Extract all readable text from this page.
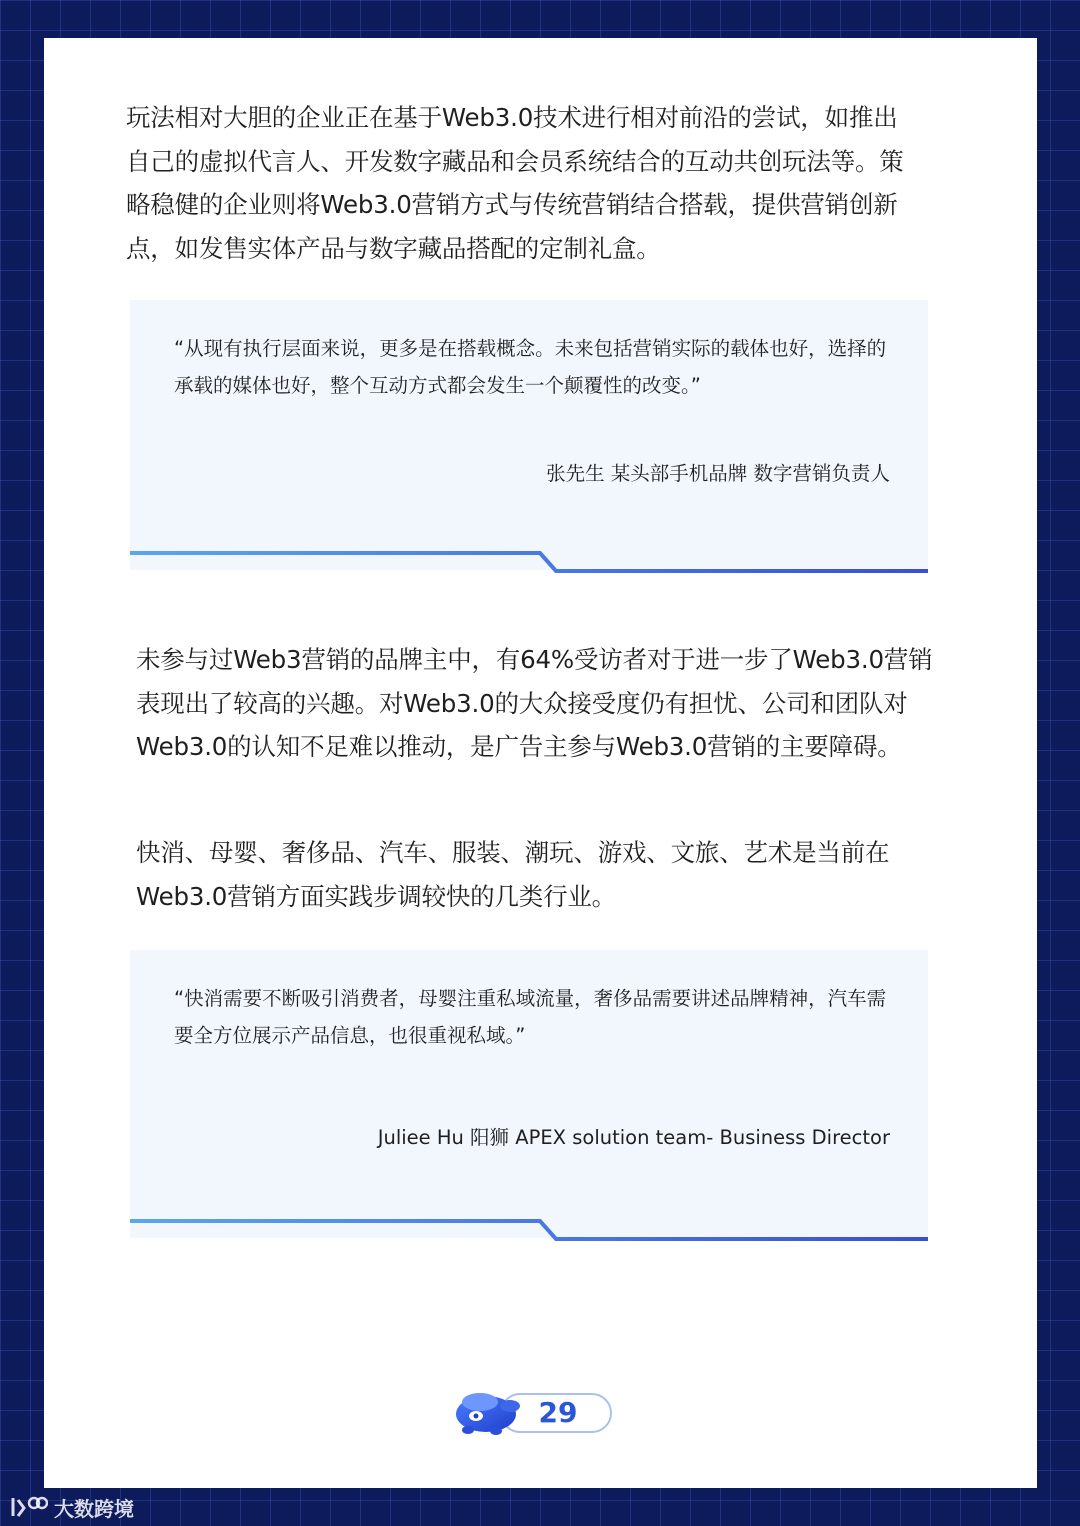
玩法相对大胆的企业正在基于Web3.0技术进行相对前沿的尝试，如推出自己的虚拟代言人、开发数字藏品和会员系统结合的互动共创玩法等。策略稳健的企业则将Web3.0营销方式与传统营销结合搭载，提供营销创新点，如发售实体产品与数字藏品搭配的定制礼盒。

“从现有执行层面来说，更多是在搭载概念。未来包括营销实际的载体也好，选择的承载的媒体也好，整个互动方式都会发生一个颠覆性的改变。”

张先生 某头部手机品牌 数字营销负责人

未参与过Web3营销的品牌主中，有64%受访者对于进一步了Web3.0营销表现出了较高的兴趣。对Web3.0的大众接受度仍有担忧、公司和团队对Web3.0的认知不足难以推动，是广告主参与Web3.0营销的主要障碍。

快消、母婴、奢侈品、汽车、服装、潮玩、游戏、文旅、艺术是当前在Web3.0营销方面实践步调较快的几类行业。

“快消需要不断吸引消费者，母婴注重私域流量，奢侈品需要讲述品牌精神，汽车需要全方位展示产品信息，也很重视私域。”

Juliee Hu 阳狮 APEX solution team- Business Director

29
大数跨境
